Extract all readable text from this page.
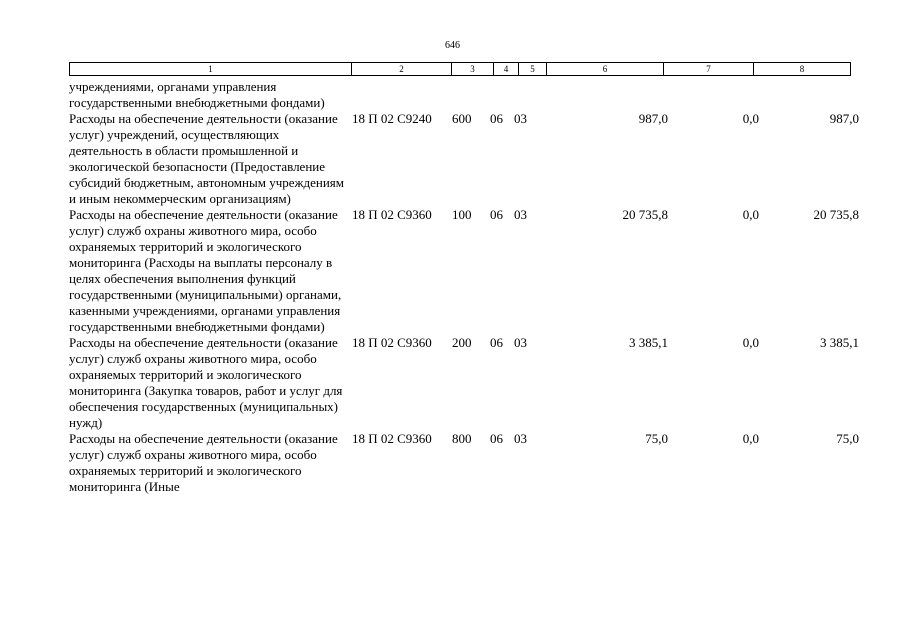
646
1	2	3	4	5	6	7	8
учреждениями, органами управления государственными внебюджетными фондами)
Расходы на обеспечение деятельности (оказание услуг) учреждений, осуществляющих деятельность в области промышленной и экологической безопасности (Предоставление субсидий бюджетным, автономным учреждениям и иным некоммерческим организациям)
18 П 02 С9240	600	06 03	987,0	0,0	987,0
Расходы на обеспечение деятельности (оказание услуг) служб охраны животного мира, особо охраняемых территорий и экологического мониторинга (Расходы на выплаты персоналу в целях обеспечения выполнения функций государственными (муниципальными) органами, казенными учреждениями, органами управления государственными внебюджетными фондами)
18 П 02 С9360	100	06 03	20 735,8	0,0	20 735,8
Расходы на обеспечение деятельности (оказание услуг) служб охраны животного мира, особо охраняемых территорий и экологического мониторинга (Закупка товаров, работ и услуг для обеспечения государственных (муниципальных) нужд)
18 П 02 С9360	200	06 03	3 385,1	0,0	3 385,1
Расходы на обеспечение деятельности (оказание услуг) служб охраны животного мира, особо охраняемых территорий и экологического мониторинга (Иные
18 П 02 С9360	800	06 03	75,0	0,0	75,0
